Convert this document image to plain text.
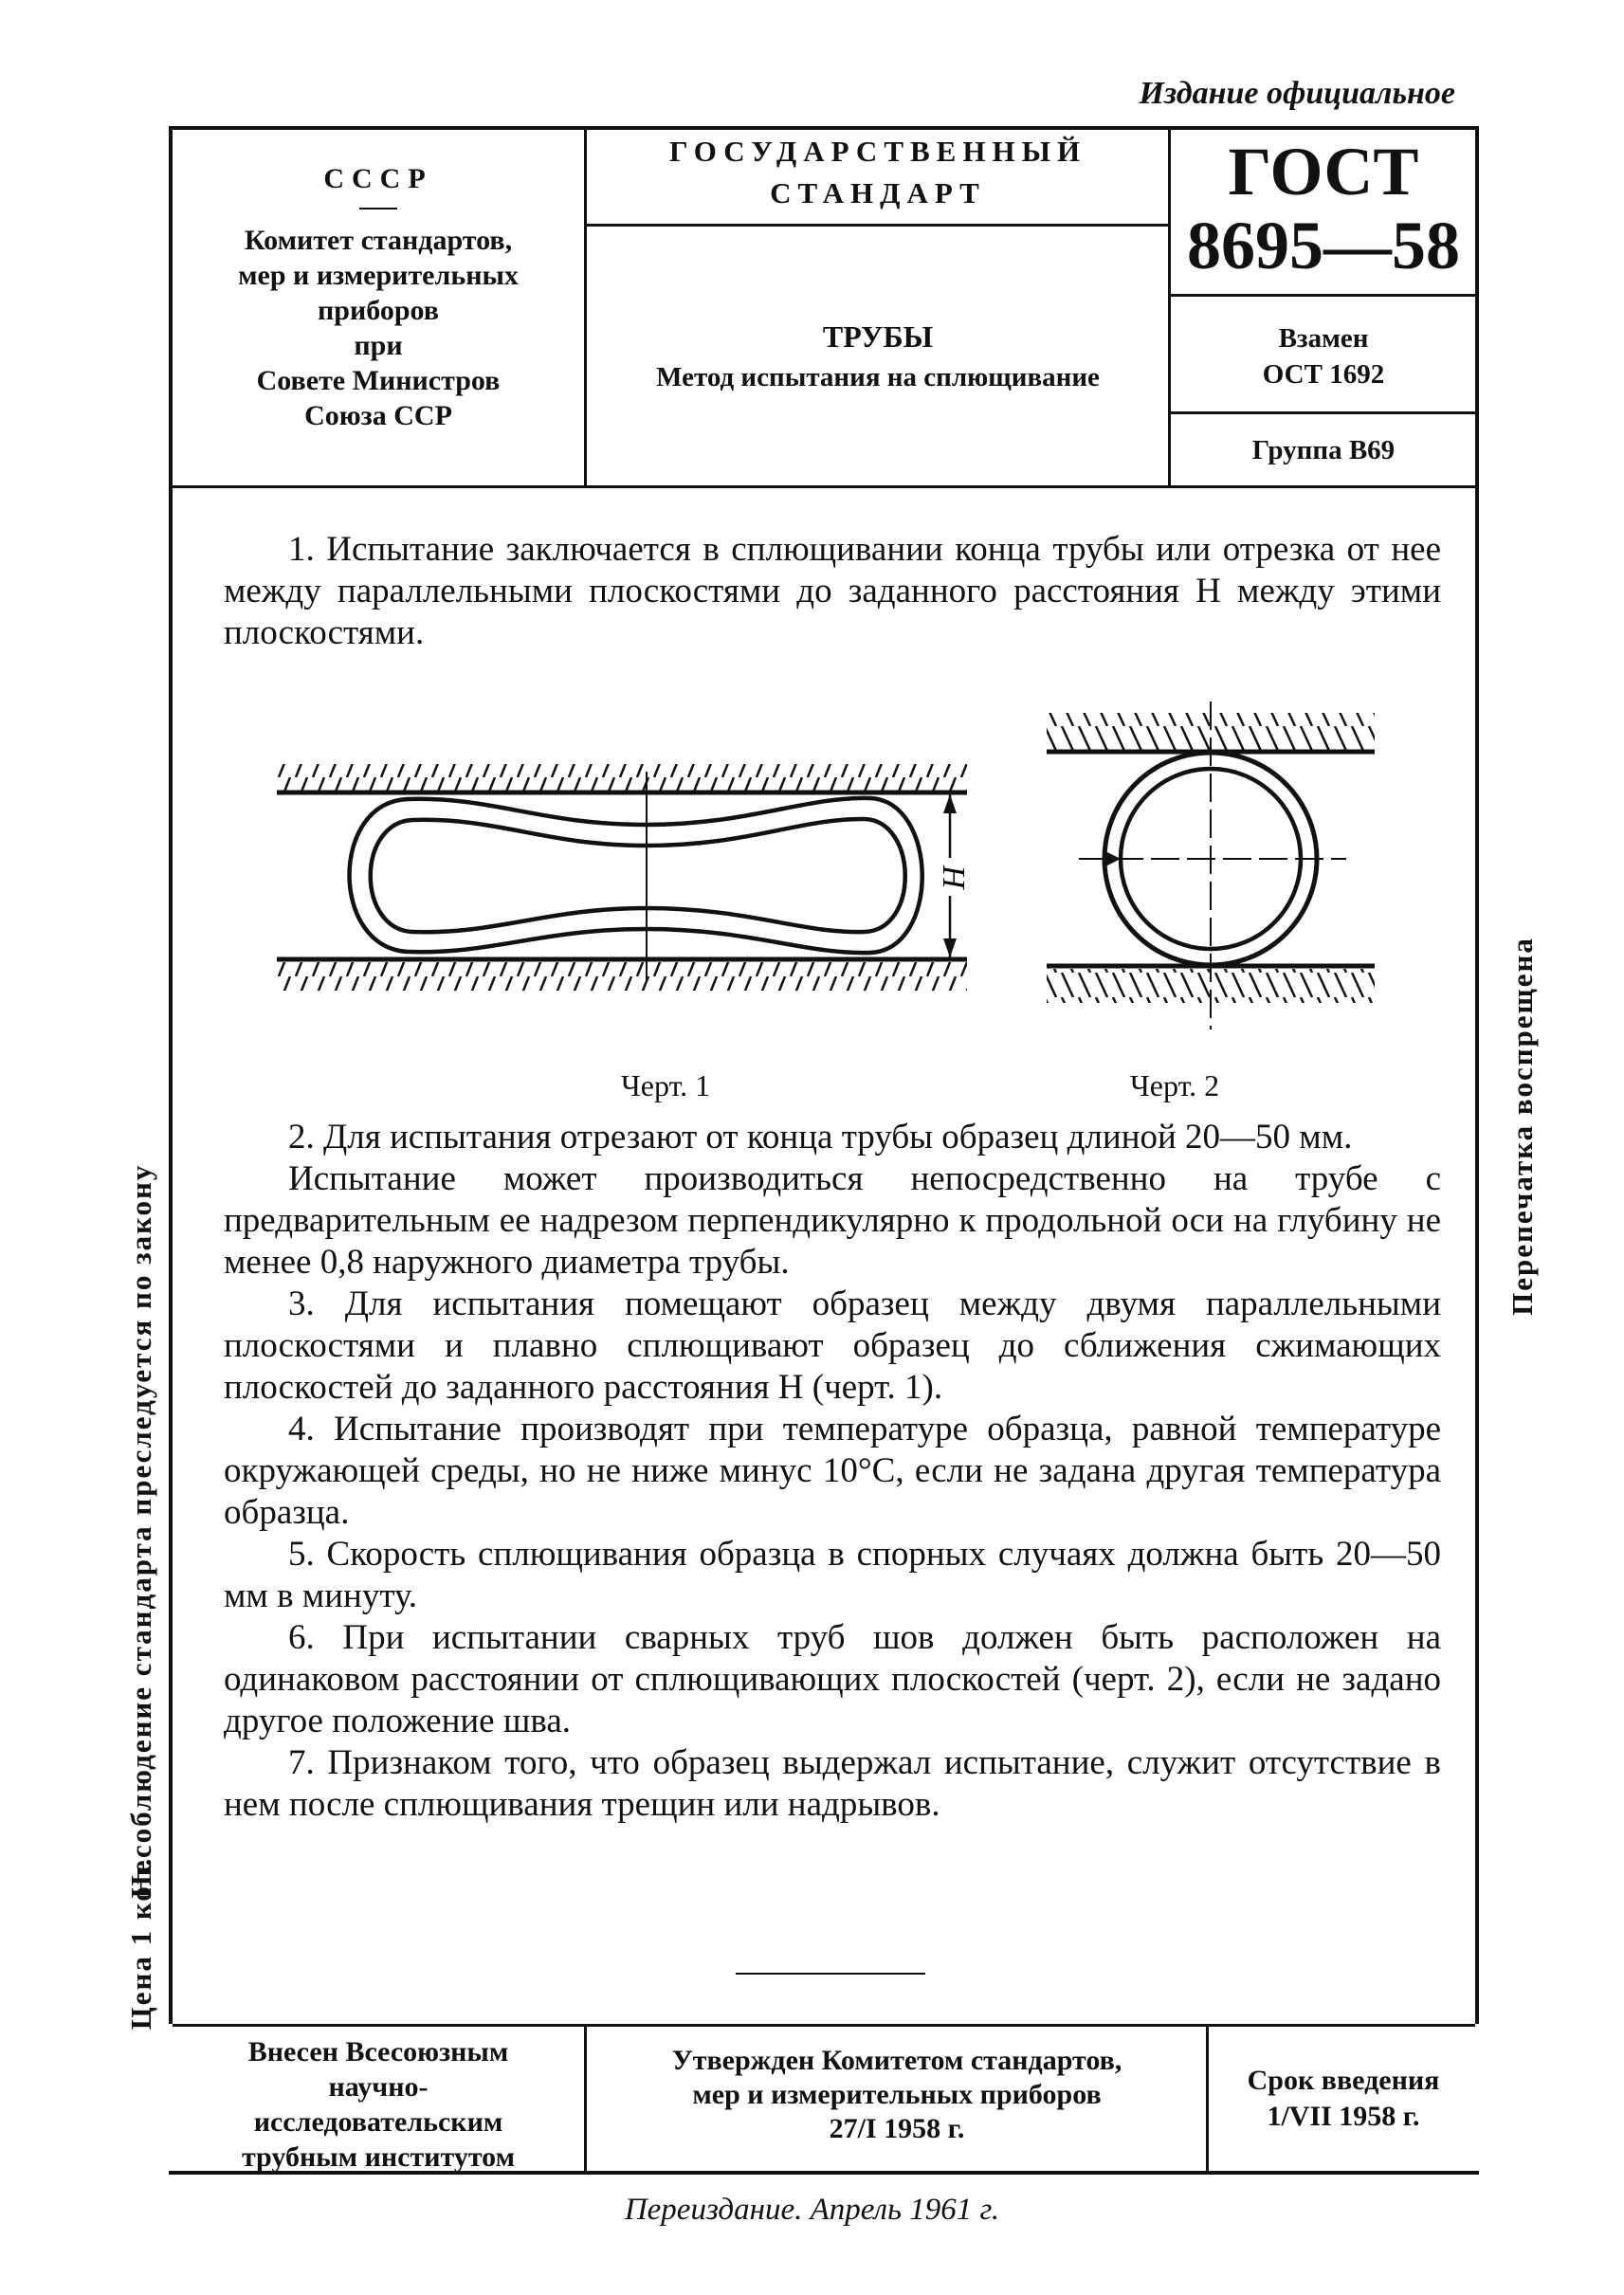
Издание официальное
СССР
Комитет стандартов,
мер и измерительных
приборов
при
Совете Министров
Союза ССР
ГОСУДАРСТВЕННЫЙ
СТАНДАРТ
ТРУБЫ
Метод испытания на сплющивание
ГОСТ
8695—58
Взамен
ОСТ 1692
Группа В69

1. Испытание заключается в сплющивании конца трубы или отрезка от нее между параллельными плоскостями до заданного расстояния H между этими плоскостями.

H
Черт. 1	Черт. 2

2. Для испытания отрезают от конца трубы образец длиной 20—50 мм.

Испытание может производиться непосредственно на трубе с предварительным ее надрезом перпендикулярно к продольной оси на глубину не менее 0,8 наружного диаметра трубы.

3. Для испытания помещают образец между двумя параллельными плоскостями и плавно сплющивают образец до сближения сжимающих плоскостей до заданного расстояния H (черт. 1).

4. Испытание производят при температуре образца, равной температуре окружающей среды, но не ниже минус 10°C, если не задана другая температура образца.

5. Скорость сплющивания образца в спорных случаях должна быть 20—50 мм в минуту.

6. При испытании сварных труб шов должен быть расположен на одинаковом расстоянии от сплющивающих плоскостей (черт. 2), если не задано другое положение шва.

7. Признаком того, что образец выдержал испытание, служит отсутствие в нем после сплющивания трещин или надрывов.

Внесен Всесоюзным
научно-
исследовательским
трубным институтом
Утвержден Комитетом стандартов,
мер и измерительных приборов
27/I 1958 г.
Срок введения
1/VII 1958 г.
Переиздание. Апрель 1961 г.
Несоблюдение стандарта преследуется по закону
Цена 1 коп.
Перепечатка воспрещена
